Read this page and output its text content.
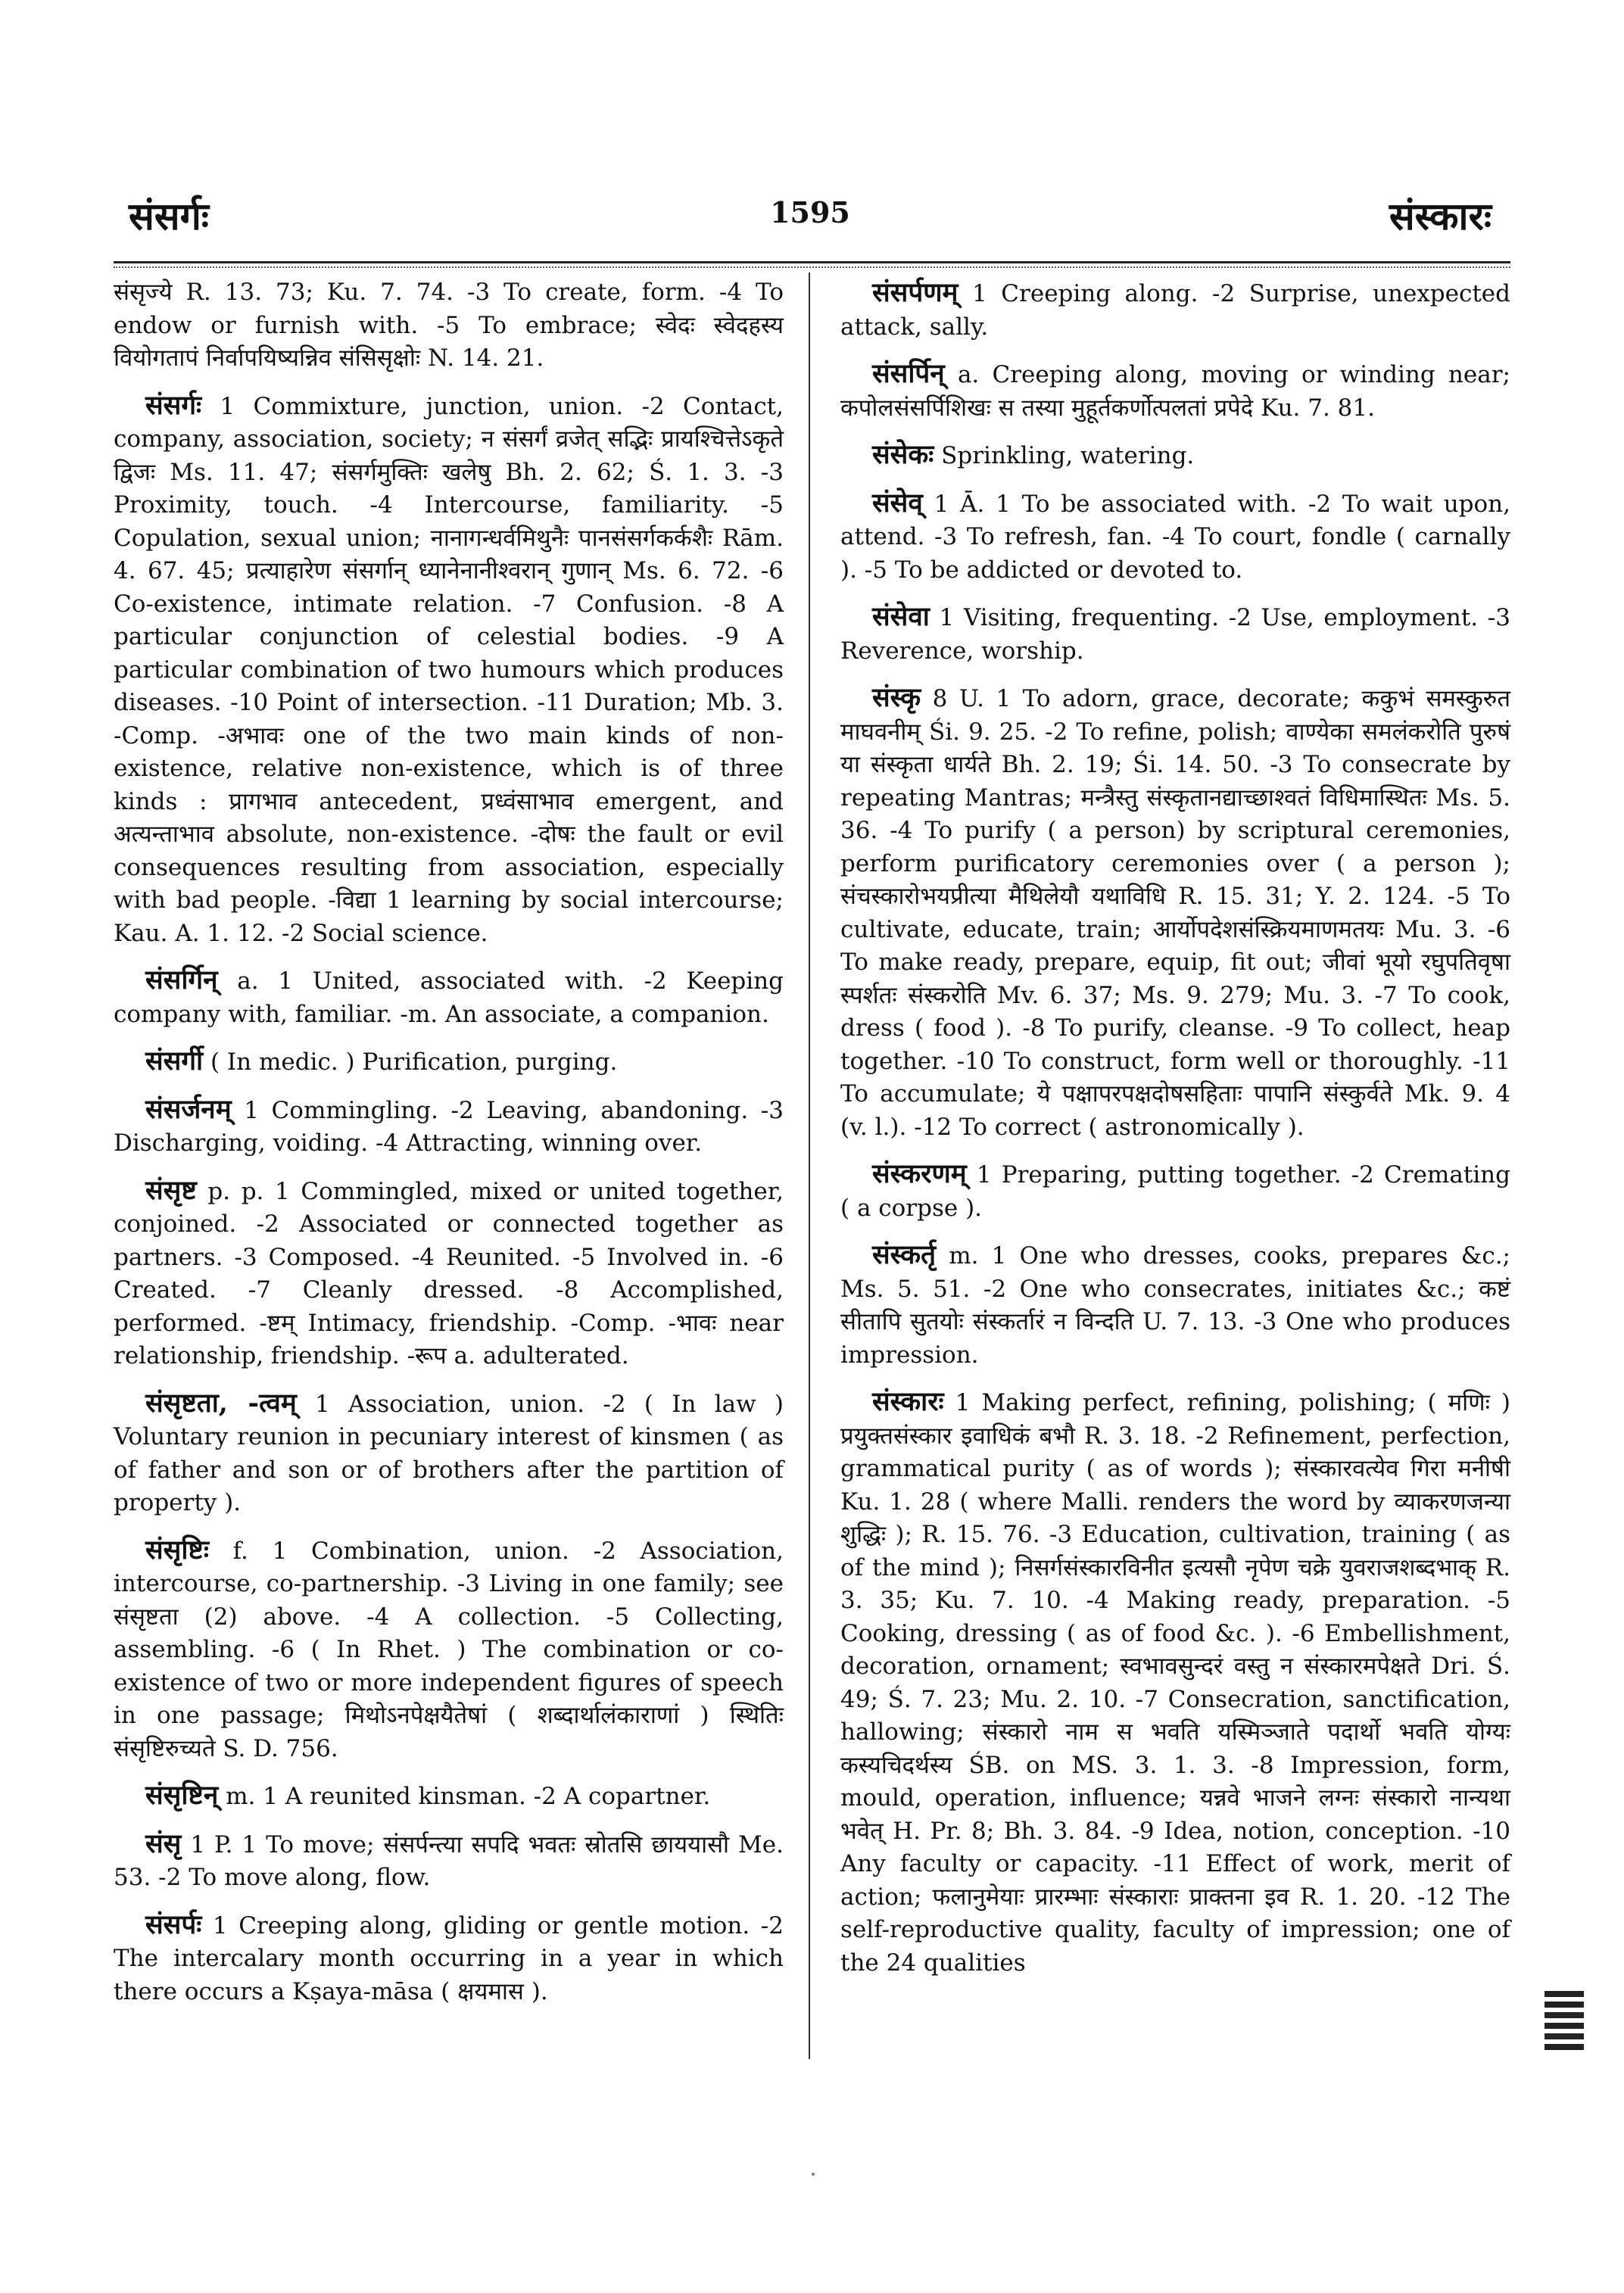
संसर्गः	1595	संस्कारः

संसृज्ये R. 13. 73; Ku. 7. 74. -3 To create, form. -4 To endow or furnish with. -5 To embrace; स्वेदः स्वेदहस्य वियोगतापं निर्वापयिष्यन्निव संसिसृक्षोः N. 14. 21.

संसर्गः 1 Commixture, junction, union. -2 Contact, company, association, society; न संसर्गं व्रजेत् सद्भिः प्रायश्चित्तेऽकृते द्विजः Ms. 11. 47; संसर्गमुक्तिः खलेषु Bh. 2. 62; Ś. 1. 3. -3 Proximity, touch. -4 Intercourse, familiarity. -5 Copulation, sexual union; नानागन्धर्वमिथुनैः पानसंसर्गकर्कशैः Rām. 4. 67. 45; प्रत्याहारेण संसर्गान् ध्यानेनानीश्वरान् गुणान् Ms. 6. 72. -6 Co-existence, intimate relation. -7 Confusion. -8 A particular conjunction of celestial bodies. -9 A particular combination of two humours which produces diseases. -10 Point of intersection. -11 Duration; Mb. 3. -Comp. -अभावः one of the two main kinds of non-existence, relative non-existence, which is of three kinds : प्रागभाव antecedent, प्रध्वंसाभाव emergent, and अत्यन्ताभाव absolute, non-existence. -दोषः the fault or evil consequences resulting from association, especially with bad people. -विद्या 1 learning by social intercourse; Kau. A. 1. 12. -2 Social science.

संसर्गिन् a. 1 United, associated with. -2 Keeping company with, familiar. -m. An associate, a companion.

संसर्गी ( In medic. ) Purification, purging.

संसर्जनम् 1 Commingling. -2 Leaving, abandoning. -3 Discharging, voiding. -4 Attracting, winning over.

संसृष्ट p. p. 1 Commingled, mixed or united together, conjoined. -2 Associated or connected together as partners. -3 Composed. -4 Reunited. -5 Involved in. -6 Created. -7 Cleanly dressed. -8 Accomplished, performed. -ष्टम् Intimacy, friendship. -Comp. -भावः near relationship, friendship. -रूप a. adulterated.

संसृष्टता, -त्वम् 1 Association, union. -2 ( In law ) Voluntary reunion in pecuniary interest of kinsmen ( as of father and son or of brothers after the partition of property ).

संसृष्टिः f. 1 Combination, union. -2 Association, intercourse, co-partnership. -3 Living in one family; see संसृष्टता (2) above. -4 A collection. -5 Collecting, assembling. -6 ( In Rhet. ) The combination or co-existence of two or more independent figures of speech in one passage; मिथोऽनपेक्षयैतेषां ( शब्दार्थालंकाराणां ) स्थितिः संसृष्टिरुच्यते S. D. 756.

संसृष्टिन् m. 1 A reunited kinsman. -2 A copartner.

संसृ 1 P. 1 To move; संसर्पन्त्या सपदि भवतः स्रोतसि छाययासौ Me. 53. -2 To move along, flow.

संसर्पः 1 Creeping along, gliding or gentle motion. -2 The intercalary month occurring in a year in which there occurs a Kṣaya-māsa ( क्षयमास ).

संसर्पणम् 1 Creeping along. -2 Surprise, unexpected attack, sally.

संसर्पिन् a. Creeping along, moving or winding near; कपोलसंसर्पिशिखः स तस्या मुहूर्तकर्णोत्पलतां प्रपेदे Ku. 7. 81.

संसेकः Sprinkling, watering.

संसेव् 1 Ā. 1 To be associated with. -2 To wait upon, attend. -3 To refresh, fan. -4 To court, fondle ( carnally ). -5 To be addicted or devoted to.

संसेवा 1 Visiting, frequenting. -2 Use, employment. -3 Reverence, worship.

संस्कृ 8 U. 1 To adorn, grace, decorate; ककुभं समस्कुरुत माघवनीम् Śi. 9. 25. -2 To refine, polish; वाण्येका समलंकरोति पुरुषं या संस्कृता धार्यते Bh. 2. 19; Śi. 14. 50. -3 To consecrate by repeating Mantras; मन्त्रैस्तु संस्कृतानद्याच्छाश्वतं विधिमास्थितः Ms. 5. 36. -4 To purify ( a person) by scriptural ceremonies, perform purificatory ceremonies over ( a person ); संचस्कारोभयप्रीत्या मैथिलेयौ यथाविधि R. 15. 31; Y. 2. 124. -5 To cultivate, educate, train; आर्योपदेशसंस्क्रियमाणमतयः Mu. 3. -6 To make ready, prepare, equip, fit out; जीवां भूयो रघुपतिवृषा स्पर्शतः संस्करोति Mv. 6. 37; Ms. 9. 279; Mu. 3. -7 To cook, dress ( food ). -8 To purify, cleanse. -9 To collect, heap together. -10 To construct, form well or thoroughly. -11 To accumulate; ये पक्षापरपक्षदोषसहिताः पापानि संस्कुर्वते Mk. 9. 4 (v. l.). -12 To correct ( astronomically ).

संस्करणम् 1 Preparing, putting together. -2 Cremating ( a corpse ).

संस्कर्तृ m. 1 One who dresses, cooks, prepares &c.; Ms. 5. 51. -2 One who consecrates, initiates &c.; कष्टं सीतापि सुतयोः संस्कर्तारं न विन्दति U. 7. 13. -3 One who produces impression.

संस्कारः 1 Making perfect, refining, polishing; ( मणिः ) प्रयुक्तसंस्कार इवाधिकं बभौ R. 3. 18. -2 Refinement, perfection, grammatical purity ( as of words ); संस्कारवत्येव गिरा मनीषी Ku. 1. 28 ( where Malli. renders the word by व्याकरणजन्या शुद्धिः ); R. 15. 76. -3 Education, cultivation, training ( as of the mind ); निसर्गसंस्कारविनीत इत्यसौ नृपेण चक्रे युवराजशब्दभाक् R. 3. 35; Ku. 7. 10. -4 Making ready, preparation. -5 Cooking, dressing ( as of food &c. ). -6 Embellishment, decoration, ornament; स्वभावसुन्दरं वस्तु न संस्कारमपेक्षते Dri. Ś. 49; Ś. 7. 23; Mu. 2. 10. -7 Consecration, sanctification, hallowing; संस्कारो नाम स भवति यस्मिञ्जाते पदार्थो भवति योग्यः कस्यचिदर्थस्य ŚB. on MS. 3. 1. 3. -8 Impression, form, mould, operation, influence; यन्नवे भाजने लग्नः संस्कारो नान्यथा भवेत् H. Pr. 8; Bh. 3. 84. -9 Idea, notion, conception. -10 Any faculty or capacity. -11 Effect of work, merit of action; फलानुमेयाः प्रारम्भाः संस्काराः प्राक्तना इव R. 1. 20. -12 The self-reproductive quality, faculty of impression; one of the 24 qualities
